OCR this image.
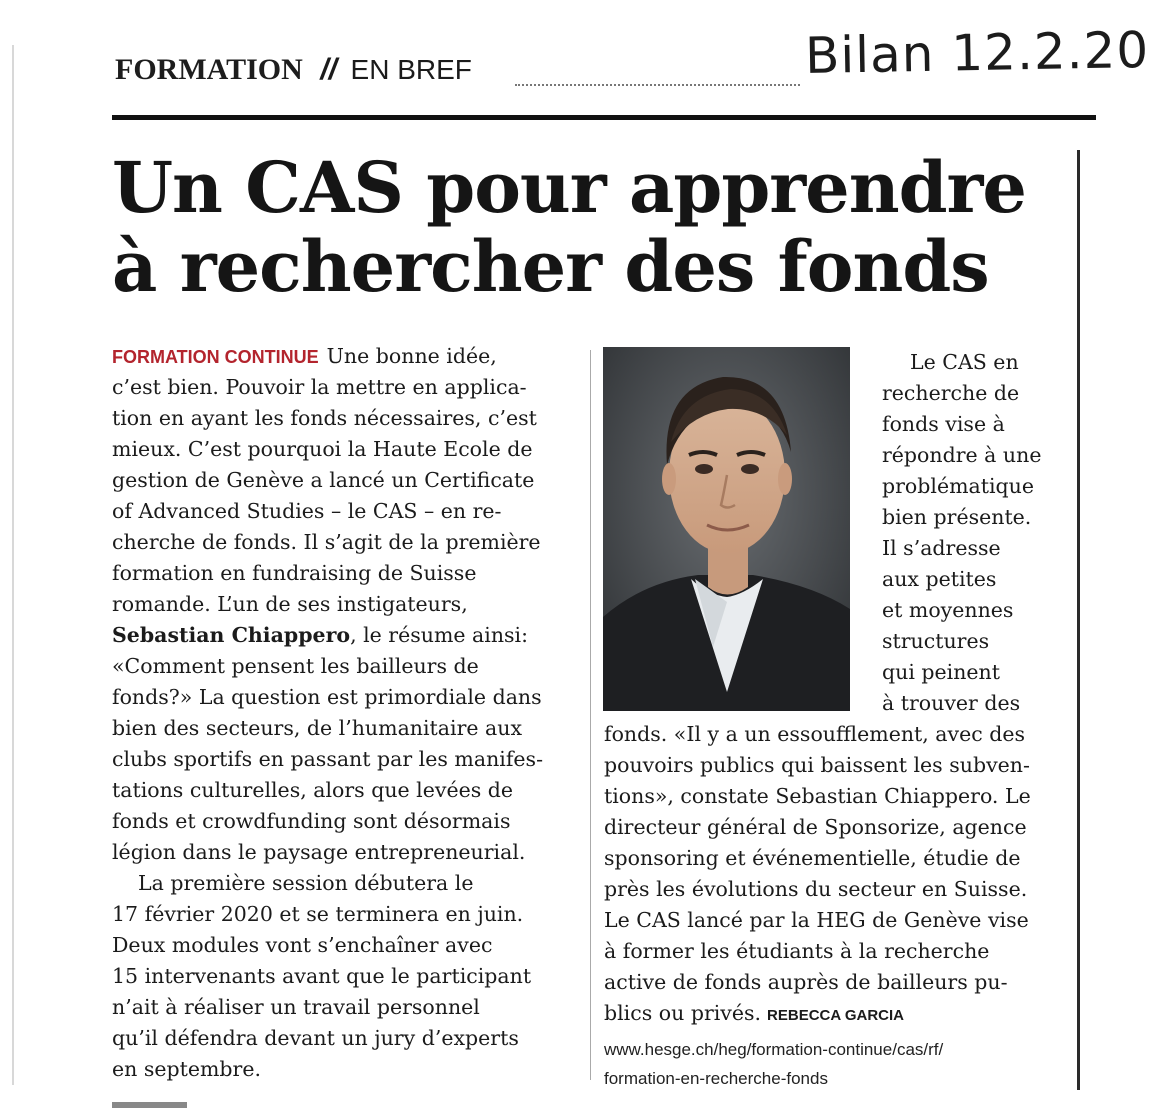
FORMATION // EN BREF	Bilan 12.2.20
Un CAS pour apprendre
à rechercher des fonds
FORMATION CONTINUE Une bonne idée,
c’est bien. Pouvoir la mettre en applica-
tion en ayant les fonds nécessaires, c’est
mieux. C’est pourquoi la Haute Ecole de
gestion de Genève a lancé un Certificate
of Advanced Studies – le CAS – en re-
cherche de fonds. Il s’agit de la première
formation en fundraising de Suisse
romande. L’un de ses instigateurs,
Sebastian Chiappero, le résume ainsi:
«Comment pensent les bailleurs de
fonds?» La question est primordiale dans
bien des secteurs, de l’humanitaire aux
clubs sportifs en passant par les manifes-
tations culturelles, alors que levées de
fonds et crowdfunding sont désormais
légion dans le paysage entrepreneurial.
La première session débutera le
17 février 2020 et se terminera en juin.
Deux modules vont s’enchaîner avec
15 intervenants avant que le participant
n’ait à réaliser un travail personnel
qu’il défendra devant un jury d’experts
en septembre.
Le CAS en
recherche de
fonds vise à
répondre à une
problématique
bien présente.
Il s’adresse
aux petites
et moyennes
structures
qui peinent
à trouver des
fonds. «Il y a un essoufflement, avec des
pouvoirs publics qui baissent les subven-
tions», constate Sebastian Chiappero. Le
directeur général de Sponsorize, agence
sponsoring et événementielle, étudie de
près les évolutions du secteur en Suisse.
Le CAS lancé par la HEG de Genève vise
à former les étudiants à la recherche
active de fonds auprès de bailleurs pu-
blics ou privés. REBECCA GARCIA
www.hesge.ch/heg/formation-continue/cas/rf/
formation-en-recherche-fonds
